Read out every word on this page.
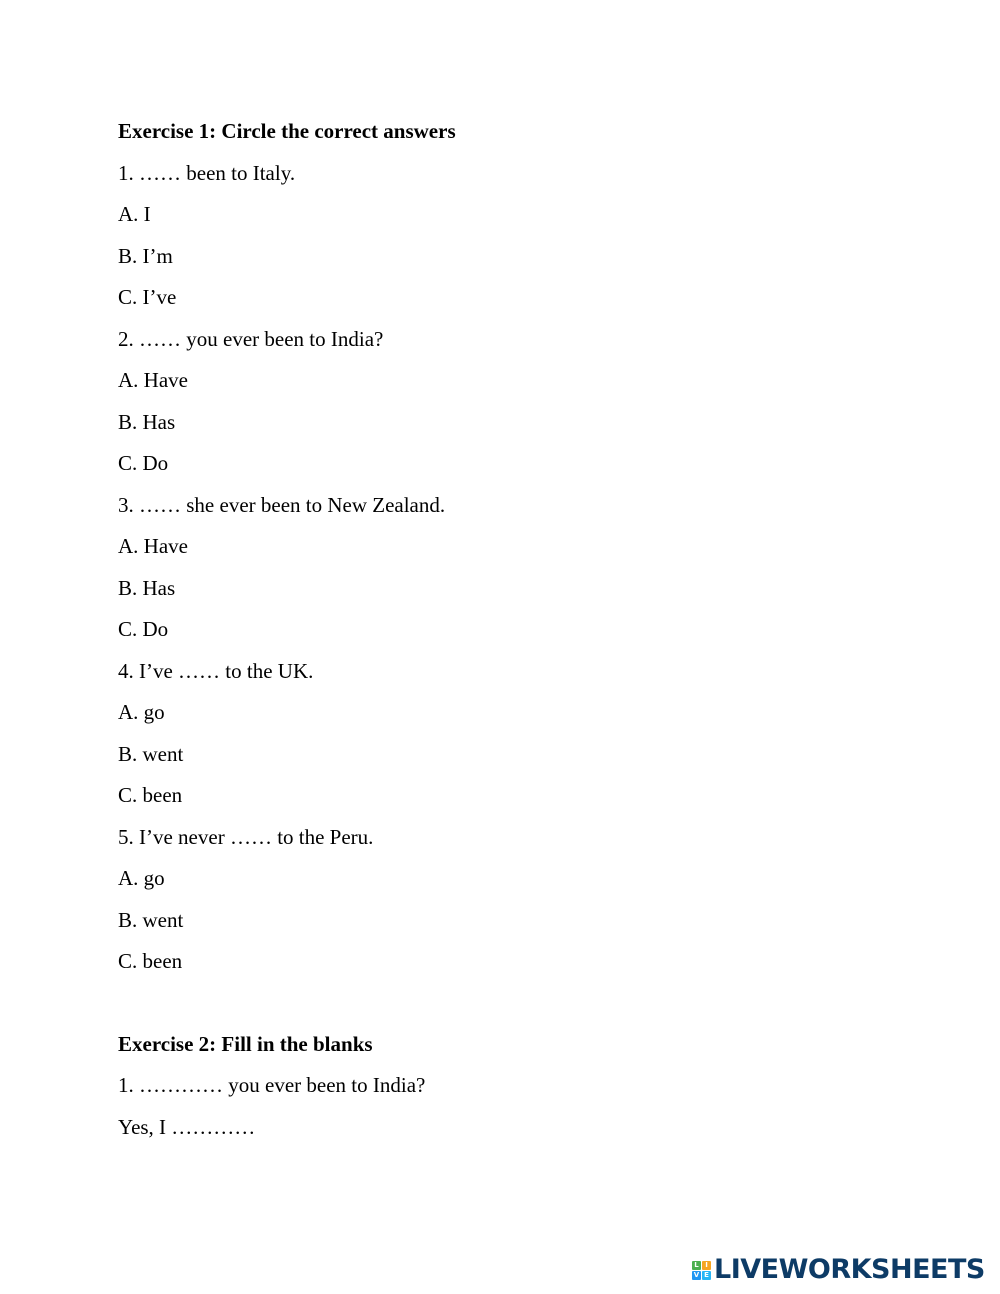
Exercise 1: Circle the correct answers
1. …… been to Italy.
A. I
B. I’m
C. I’ve
2. …… you ever been to India?
A. Have
B. Has
C. Do
3. …… she ever been to New Zealand.
A. Have
B. Has
C. Do
4. I’ve …… to the UK.
A. go
B. went
C. been
5. I’ve never …… to the Peru.
A. go
B. went
C. been
Exercise 2: Fill in the blanks
1. ………… you ever been to India?
Yes, I …………
L I
V E LIVEWORKSHEETS
